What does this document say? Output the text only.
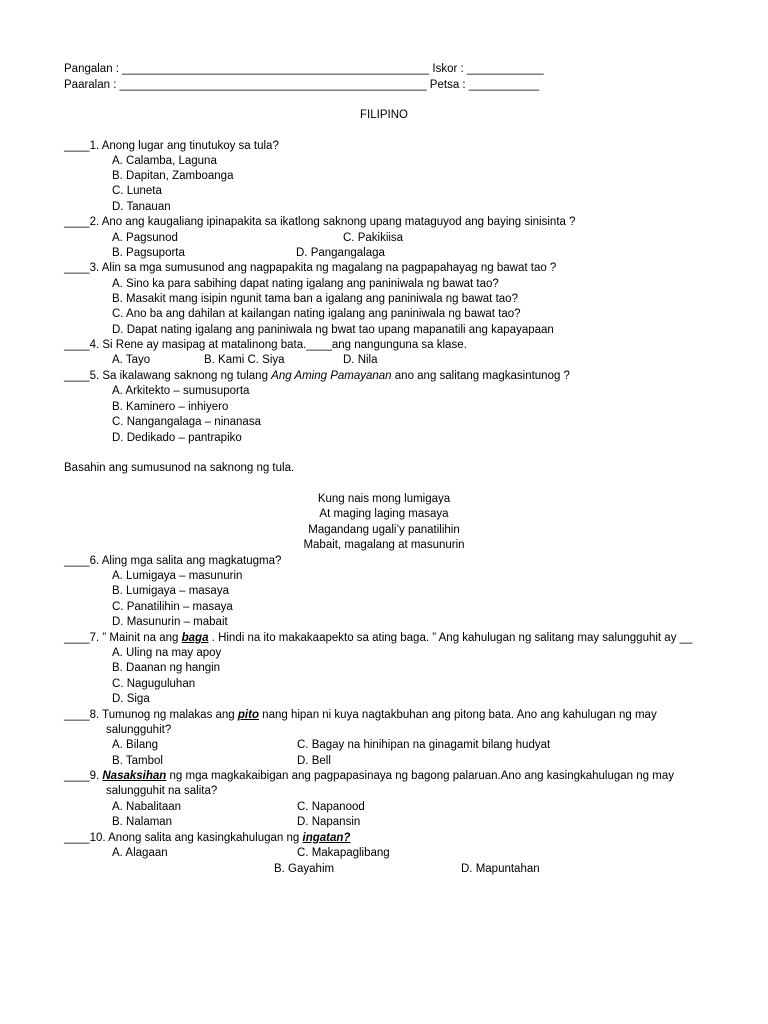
Pangalan : ________________________________________________ Iskor : ____________
Paaralan : ________________________________________________ Petsa : ___________
FILIPINO
____1. Anong lugar ang tinutukoy sa tula?
A. Calamba, Laguna
B. Dapitan, Zamboanga
C. Luneta
D. Tanauan
____2. Ano ang kaugaliang ipinapakita sa ikatlong saknong upang mataguyod ang baying sinisinta ?
A. Pagsunod	C. Pakikiisa
B. Pagsuporta	D. Pangangalaga
____3. Alin sa mga sumusunod ang nagpapakita ng magalang na pagpapahayag ng bawat tao ?
A. Sino ka para sabihing dapat nating igalang ang paniniwala ng bawat tao?
B. Masakit mang isipin ngunit tama ban a igalang ang paniniwala ng bawat tao?
C. Ano ba ang dahilan at kailangan nating igalang ang paniniwala ng bawat tao?
D. Dapat nating igalang ang paniniwala ng bwat tao upang mapanatili ang kapayapaan
____4. Si Rene ay masipag at matalinong bata.____ang nangunguna sa klase.
A. Tayo	B. Kami C. Siya	D. Nila
____5. Sa ikalawang saknong ng tulang Ang Aming Pamayanan ano ang salitang magkasintunog ?
A. Arkitekto – sumusuporta
B. Kaminero – inhiyero
C. Nangangalaga – ninanasa
D. Dedikado – pantrapiko
Basahin ang sumusunod na saknong ng tula.
Kung nais mong lumigaya
At maging laging masaya
Magandang ugali’y panatilihin
Mabait, magalang at masunurin
____6. Aling mga salita ang magkatugma?
A. Lumigaya – masunurin
B. Lumigaya – masaya
C. Panatilihin – masaya
D. Masunurin – mabait
____7. ” Mainit na ang baga . Hindi na ito makakaapekto sa ating baga. ” Ang kahulugan ng salitang may salungguhit ay __
A. Uling na may apoy
B. Daanan ng hangin
C. Naguguluhan
D. Siga
____8. Tumunog ng malakas ang pito nang hipan ni kuya nagtakbuhan ang pitong bata. Ano ang kahulugan ng may
salungguhit?
A. Bilang	C. Bagay na hinihipan na ginagamit bilang hudyat
B. Tambol	D. Bell
____9. Nasaksihan ng mga magkakaibigan ang pagpapasinaya ng bagong palaruan.Ano ang kasingkahulugan ng may
salungguhit na salita?
A. Nabalitaan	C. Napanood
B. Nalaman	D. Napansin
____10. Anong salita ang kasingkahulugan ng ingatan?
A. Alagaan	C. Makapaglibang
B. Gayahim	D. Mapuntahan
